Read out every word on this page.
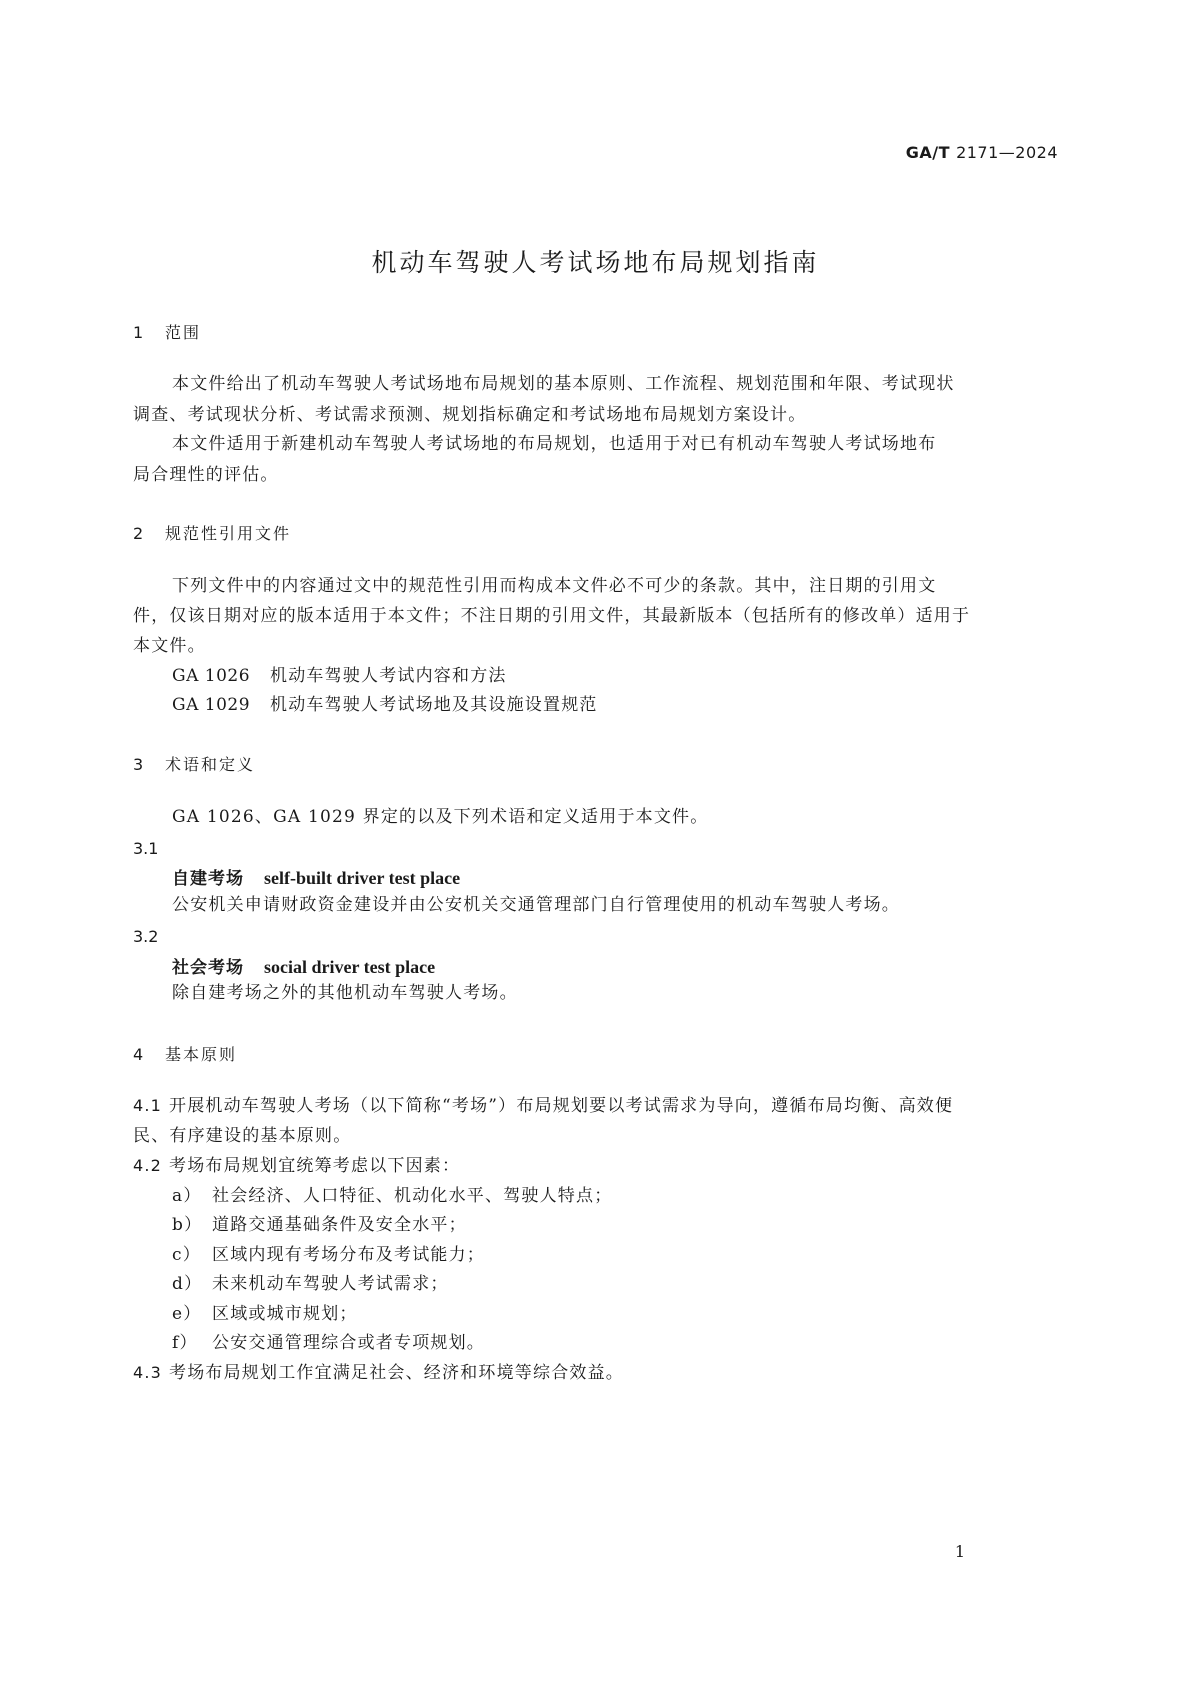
GA/T 2171—2024
机动车驾驶人考试场地布局规划指南
1 范围
本文件给出了机动车驾驶人考试场地布局规划的基本原则、工作流程、规划范围和年限、考试现状
调查、考试现状分析、考试需求预测、规划指标确定和考试场地布局规划方案设计。
本文件适用于新建机动车驾驶人考试场地的布局规划，也适用于对已有机动车驾驶人考试场地布
局合理性的评估。
2 规范性引用文件
下列文件中的内容通过文中的规范性引用而构成本文件必不可少的条款。其中，注日期的引用文
件，仅该日期对应的版本适用于本文件；不注日期的引用文件，其最新版本（包括所有的修改单）适用于
本文件。
GA 1026 机动车驾驶人考试内容和方法
GA 1029 机动车驾驶人考试场地及其设施设置规范
3 术语和定义
GA 1026、GA 1029 界定的以及下列术语和定义适用于本文件。
3.1
自建考场 self-built driver test place
公安机关申请财政资金建设并由公安机关交通管理部门自行管理使用的机动车驾驶人考场。
3.2
社会考场 social driver test place
除自建考场之外的其他机动车驾驶人考场。
4 基本原则
4.1 开展机动车驾驶人考场（以下简称“考场”）布局规划要以考试需求为导向，遵循布局均衡、高效便
民、有序建设的基本原则。
4.2 考场布局规划宜统筹考虑以下因素：
a） 社会经济、人口特征、机动化水平、驾驶人特点；
b） 道路交通基础条件及安全水平；
c） 区域内现有考场分布及考试能力；
d） 未来机动车驾驶人考试需求；
e） 区域或城市规划；
f） 公安交通管理综合或者专项规划。
4.3 考场布局规划工作宜满足社会、经济和环境等综合效益。
1
